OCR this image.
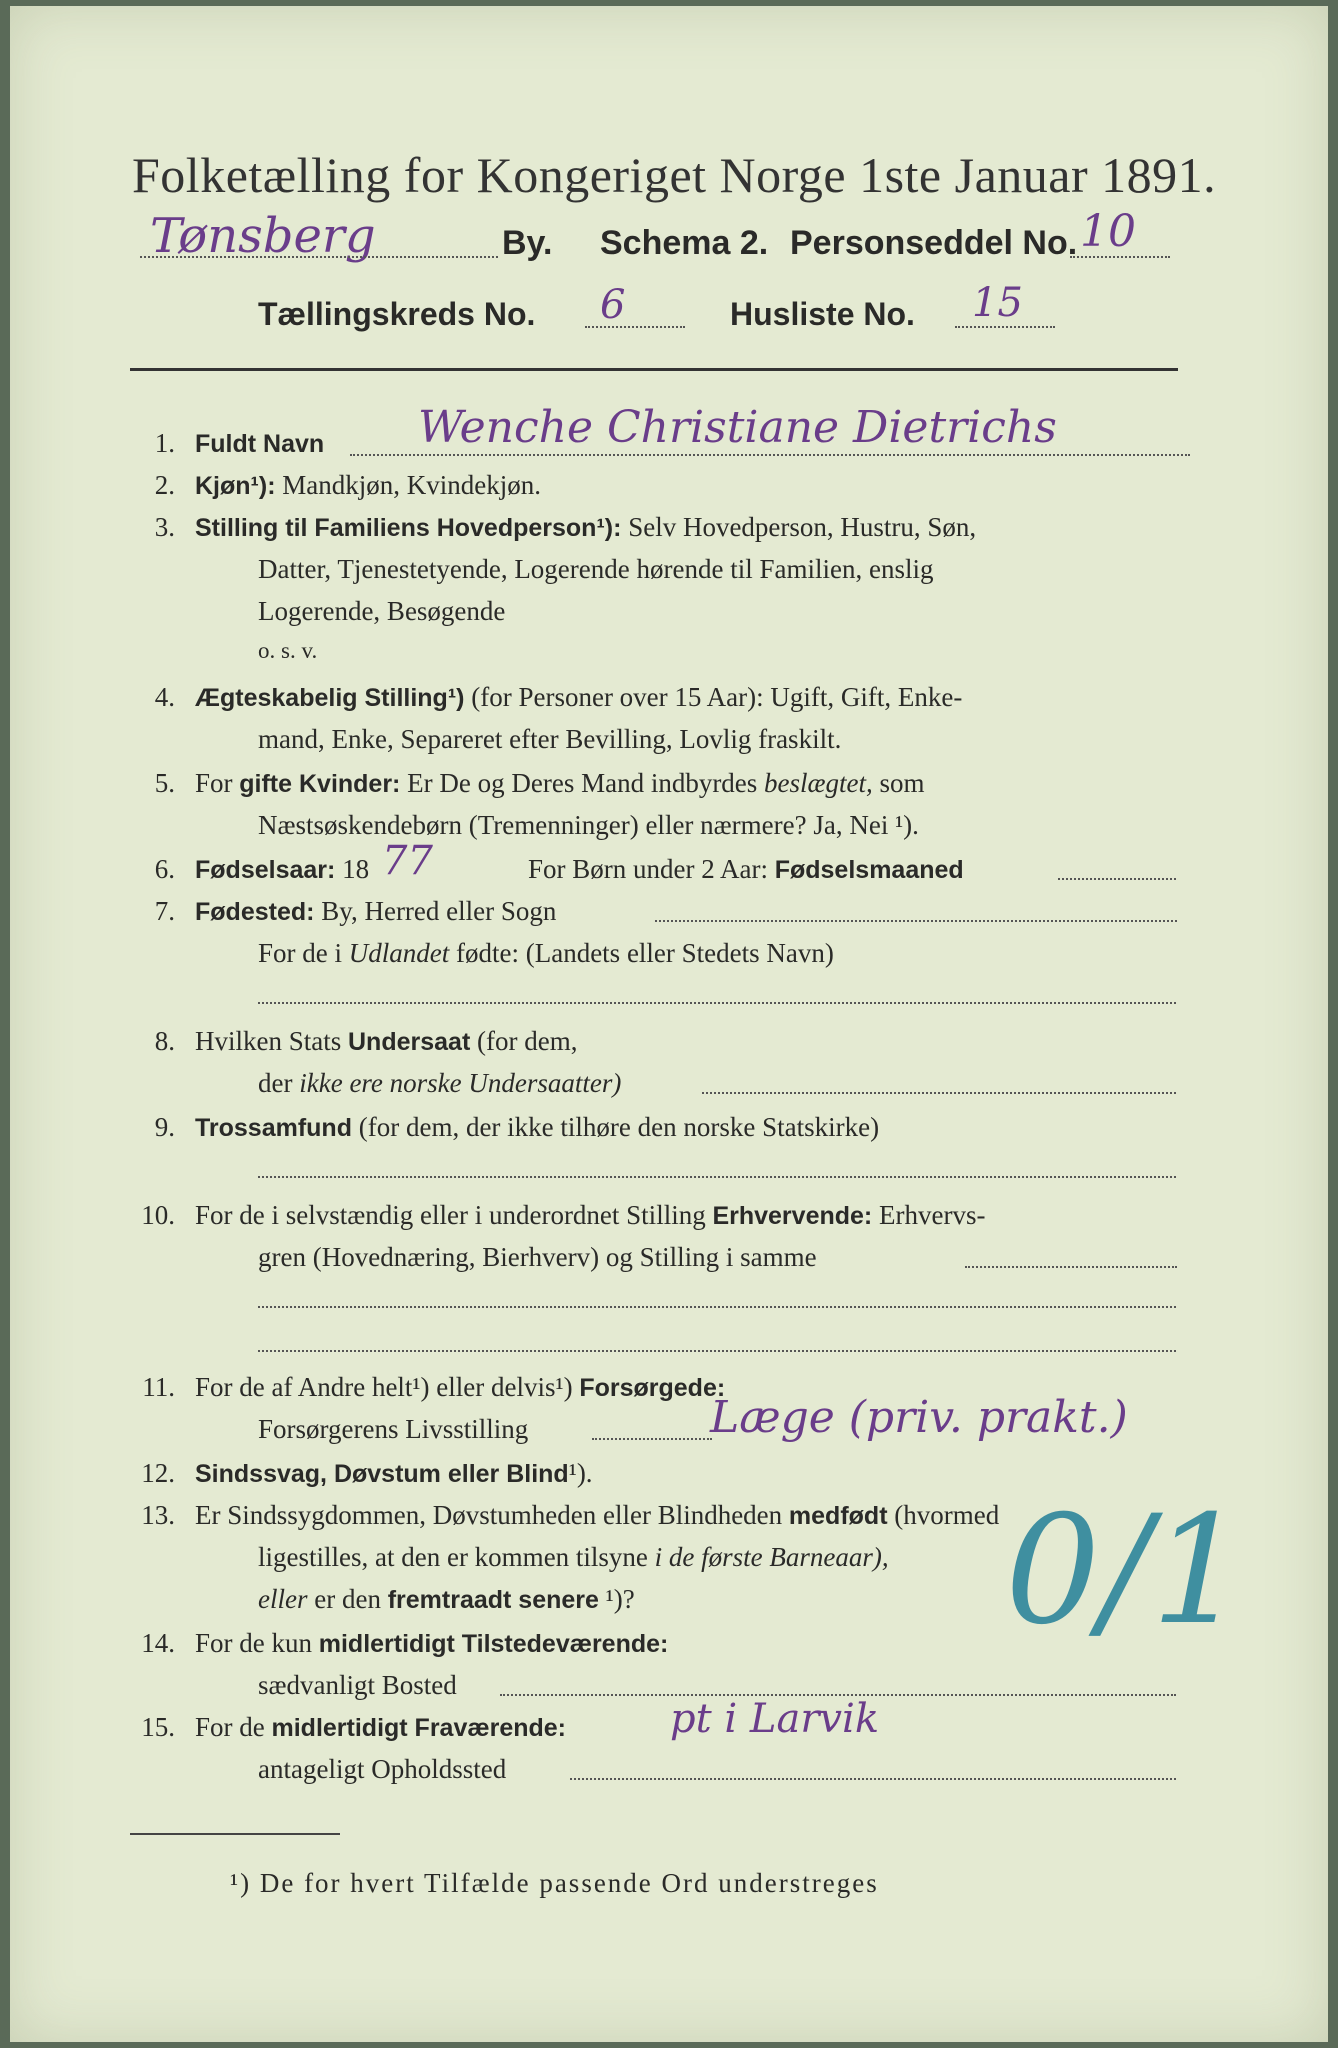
Folketælling for Kongeriget Norge 1ste Januar 1891.
Tønsberg	By. Schema 2. Personseddel No. 10
Tællingskreds No. 6	Husliste No. 15
1. Fuldt Navn Wenche Christiane Dietrichs
2. Kjøn¹): Mandkjøn, Kvindekjøn.
3. Stilling til Familiens Hovedperson¹): Selv Hovedperson, Hustru, Søn,
Datter, Tjenestetyende, Logerende hørende til Familien, enslig
Logerende, Besøgende
o. s. v.
4. Ægteskabelig Stilling¹) (for Personer over 15 Aar): Ugift, Gift, Enke-
mand, Enke, Separeret efter Bevilling, Lovlig fraskilt.
5. For gifte Kvinder: Er De og Deres Mand indbyrdes beslægtet, som
Næstsøskendebørn (Tremenninger) eller nærmere? Ja, Nei ¹).
6. Fødselsaar: 18 77	For Børn under 2 Aar: Fødselsmaaned
7. Fødested: By, Herred eller Sogn
For de i Udlandet fødte: (Landets eller Stedets Navn)
8. Hvilken Stats Undersaat (for dem,
der ikke ere norske Undersaatter)
9. Trossamfund (for dem, der ikke tilhøre den norske Statskirke)
10. For de i selvstændig eller i underordnet Stilling Erhvervende: Erhvervs-
gren (Hovednæring, Bierhverv) og Stilling i samme
11. For de af Andre helt¹) eller delvis¹) Forsørgede:
Forsørgerens Livsstilling	Læge (priv. prakt.)
12. Sindssvag, Døvstum eller Blind¹).
13. Er Sindssygdommen, Døvstumheden eller Blindheden medfødt (hvormed
ligestilles, at den er kommen tilsyne i de første Barneaar),
eller er den fremtraadt senere ¹)? 0/1
14. For de kun midlertidigt Tilstedeværende:
sædvanligt Bosted
15. For de midlertidigt Fraværende:	pt i Larvik
antageligt Opholdssted
¹) De for hvert Tilfælde passende Ord understreges
